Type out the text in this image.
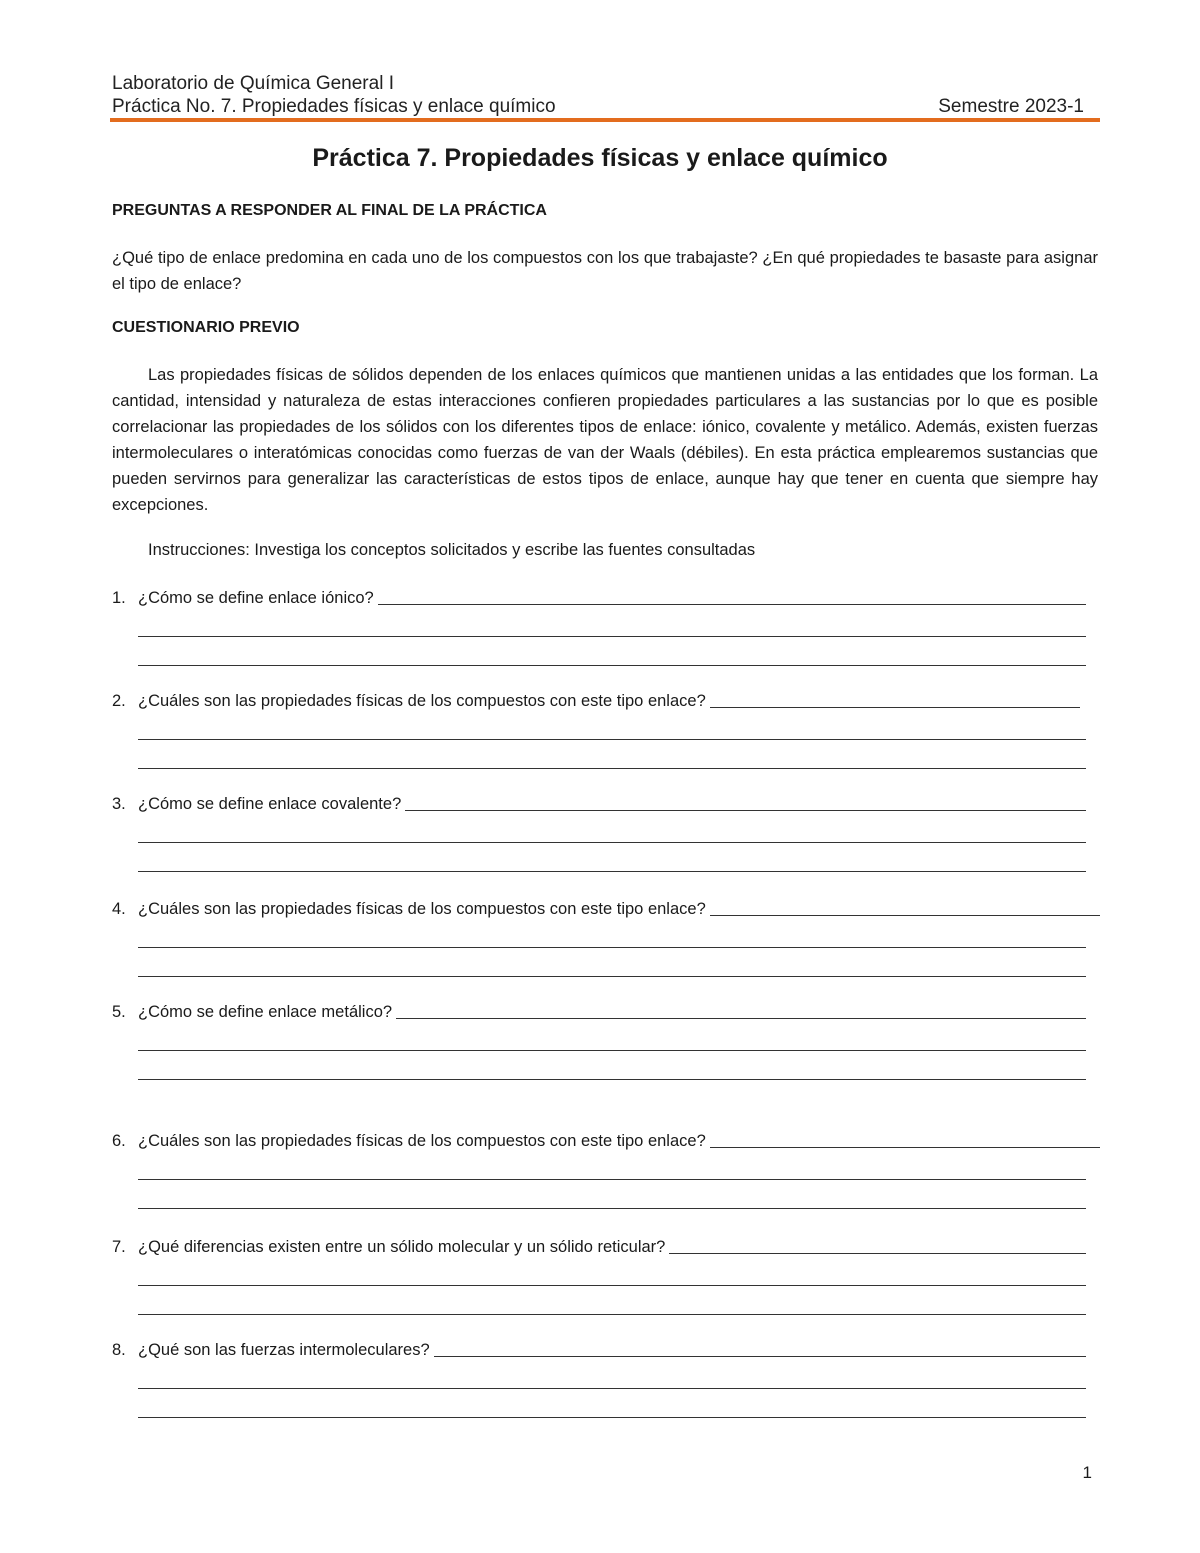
Laboratorio de Química General I
Práctica No. 7. Propiedades físicas y enlace químico	Semestre 2023-1
Práctica 7. Propiedades físicas y enlace químico
PREGUNTAS A RESPONDER AL FINAL DE LA PRÁCTICA
¿Qué tipo de enlace predomina en cada uno de los compuestos con los que trabajaste? ¿En qué propiedades te basaste para asignar el tipo de enlace?
CUESTIONARIO PREVIO
Las propiedades físicas de sólidos dependen de los enlaces químicos que mantienen unidas a las entidades que los forman. La cantidad, intensidad y naturaleza de estas interacciones confieren propiedades particulares a las sustancias por lo que es posible correlacionar las propiedades de los sólidos con los diferentes tipos de enlace: iónico, covalente y metálico. Además, existen fuerzas intermoleculares o interatómicas conocidas como fuerzas de van der Waals (débiles). En esta práctica emplearemos sustancias que pueden servirnos para generalizar las características de estos tipos de enlace, aunque hay que tener en cuenta que siempre hay excepciones.
Instrucciones: Investiga los conceptos solicitados y escribe las fuentes consultadas
1. ¿Cómo se define enlace iónico?
2. ¿Cuáles son las propiedades físicas de los compuestos con este tipo enlace?
3. ¿Cómo se define enlace covalente?
4. ¿Cuáles son las propiedades físicas de los compuestos con este tipo enlace?
5. ¿Cómo se define enlace metálico?
6. ¿Cuáles son las propiedades físicas de los compuestos con este tipo enlace?
7. ¿Qué diferencias existen entre un sólido molecular y un sólido reticular?
8. ¿Qué son las fuerzas intermoleculares?
1
